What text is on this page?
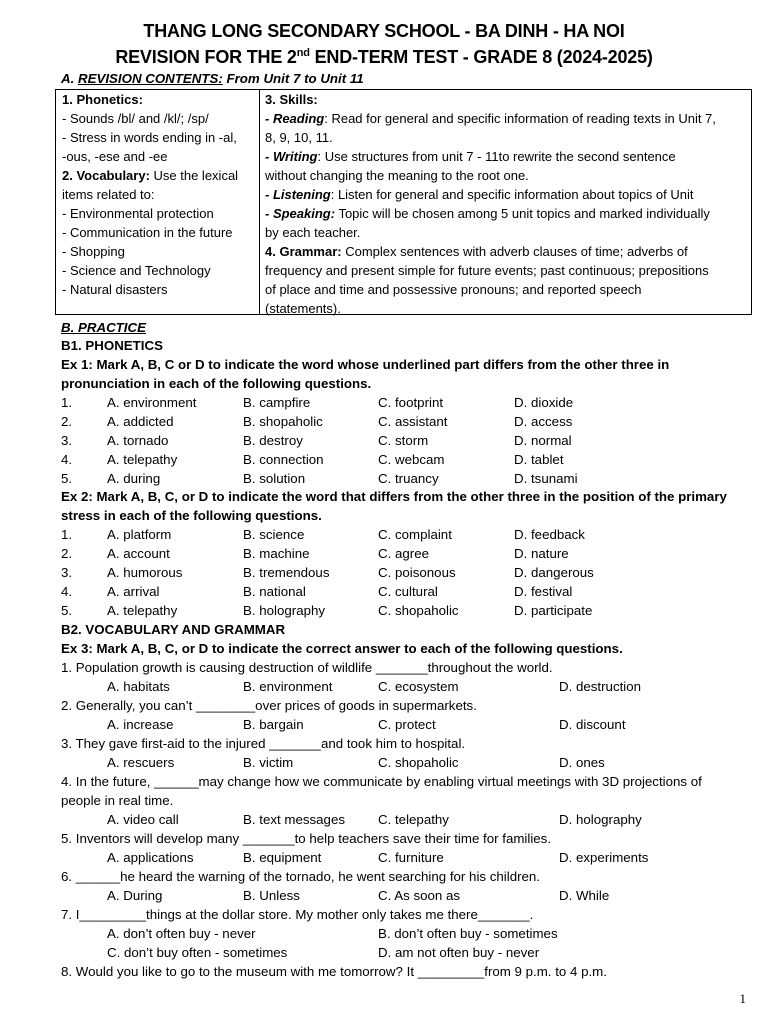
THANG LONG SECONDARY SCHOOL - BA DINH - HA NOI
REVISION FOR THE 2nd END-TERM TEST - GRADE 8 (2024-2025)
A. REVISION CONTENTS: From Unit 7 to Unit 11
1. Phonetics:
- Sounds /bl/ and /kl/; /sp/
- Stress in words ending in -al,
-ous, -ese and -ee
2. Vocabulary: Use the lexical
items related to:
- Environmental protection
- Communication in the future
- Shopping
- Science and Technology
- Natural disasters
3. Skills:
- Reading: Read for general and specific information of reading texts in Unit 7,
8, 9, 10, 11.
- Writing: Use structures from unit 7 - 11to rewrite the second sentence
without changing the meaning to the root one.
- Listening: Listen for general and specific information about topics of Unit
- Speaking: Topic will be chosen among 5 unit topics and marked individually
by each teacher.
4. Grammar: Complex sentences with adverb clauses of time; adverbs of
frequency and present simple for future events; past continuous; prepositions
of place and time and possessive pronouns; and reported speech
(statements).
B. PRACTICE
B1. PHONETICS
Ex 1: Mark A, B, C or D to indicate the word whose underlined part differs from the other three in
pronunciation in each of the following questions.
1.	A. environment	B. campfire	C. footprint	D. dioxide
2.	A. addicted	B. shopaholic	C. assistant	D. access
3.	A. tornado	B. destroy	C. storm	D. normal
4.	A. telepathy	B. connection	C. webcam	D. tablet
5.	A. during	B. solution	C. truancy	D. tsunami
Ex 2: Mark A, B, C, or D to indicate the word that differs from the other three in the position of the primary
stress in each of the following questions.
1.	A. platform	B. science	C. complaint	D. feedback
2.	A. account	B. machine	C. agree	D. nature
3.	A. humorous	B. tremendous	C. poisonous	D. dangerous
4.	A. arrival	B. national	C. cultural	D. festival
5.	A. telepathy	B. holography	C. shopaholic	D. participate
B2. VOCABULARY AND GRAMMAR
Ex 3: Mark A, B, C, or D to indicate the correct answer to each of the following questions.
1. Population growth is causing destruction of wildlife _______throughout the world.
A. habitats	B. environment	C. ecosystem	D. destruction
2. Generally, you can’t ________over prices of goods in supermarkets.
A. increase	B. bargain	C. protect	D. discount
3. They gave first-aid to the injured _______and took him to hospital.
A. rescuers	B. victim	C. shopaholic	D. ones
4. In the future, ______may change how we communicate by enabling virtual meetings with 3D projections of
people in real time.
A. video call	B. text messages C. telepathy	D. holography
5. Inventors will develop many _______to help teachers save their time for families.
A. applications	B. equipment	C. furniture	D. experiments
6. ______he heard the warning of the tornado, he went searching for his children.
A. During	B. Unless	C. As soon as	D. While
7. I_________things at the dollar store. My mother only takes me there_______.
A. don’t often buy - never	B. don’t often buy - sometimes
C. don’t buy often - sometimes	D. am not often buy - never
8. Would you like to go to the museum with me tomorrow? It _________from 9 p.m. to 4 p.m.
1
